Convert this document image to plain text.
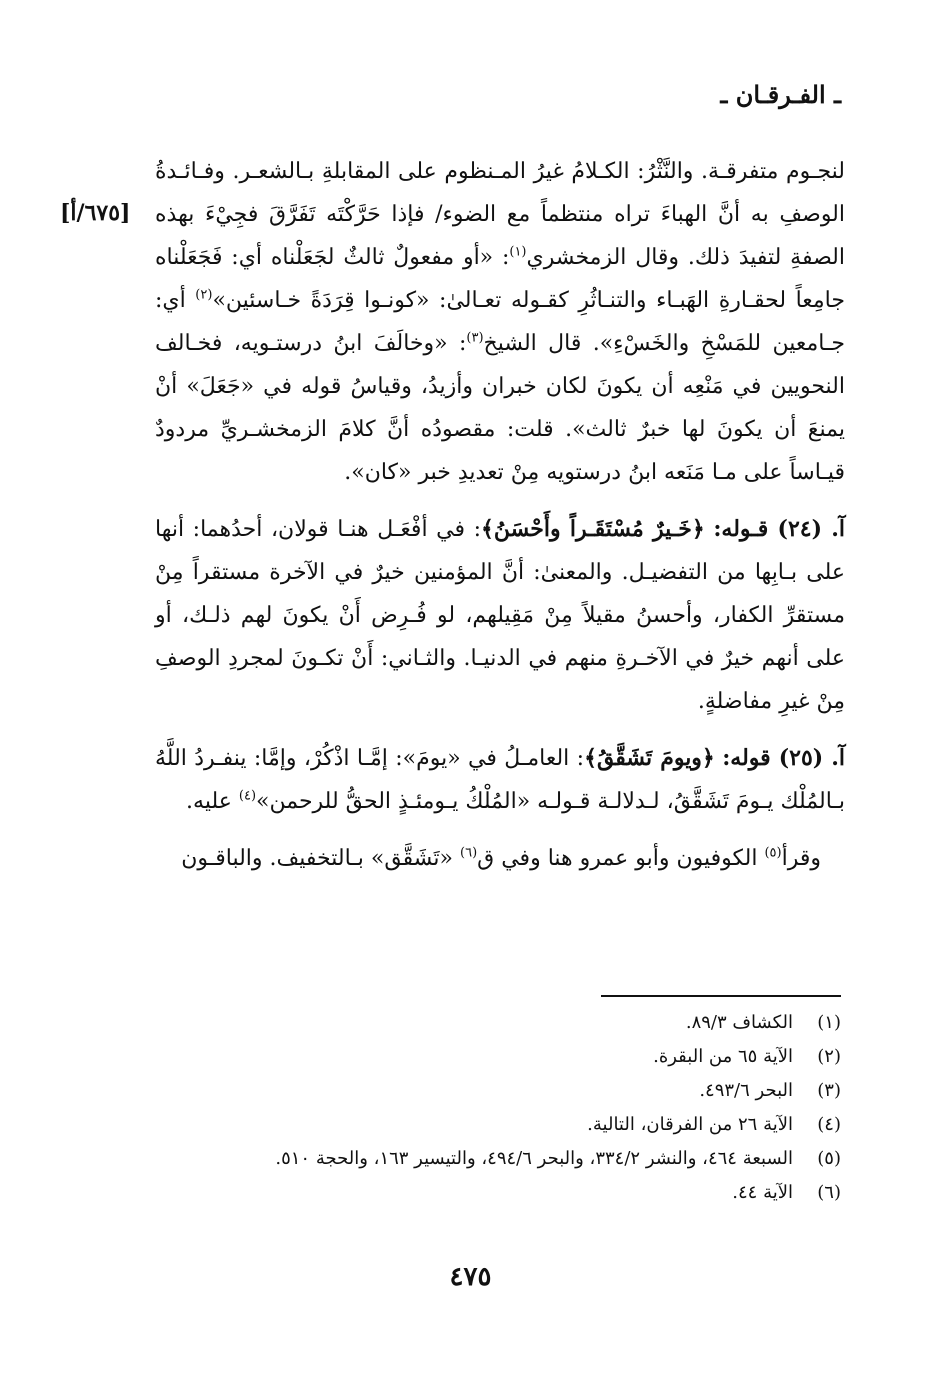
ـ الفـرقـان ـ
[٦٧٥/أ]

لنجـوم متفرقـة. والنَّثْرُ: الكـلامُ غيرُ المـنظوم على المقابلةِ بـالشعـر. وفـائـدةُ الوصفِ به أنَّ الهباءَ تراه منتظماً مع الضوء/ فإذا حَرَّكْتَه تَفَرَّقَ فجِيْءَ بهذه الصفةِ لتفيدَ ذلك. وقال الزمخشري$^{(١)}$: «أو مفعولٌ ثالثٌ لجَعَلْناه أي: فَجَعَلْناه جامِعاً لحقـارةِ الهَبـاء والتنـاثُرِ كقـوله تعـالىٰ: «كونـوا قِرَدَةً خـاسئين»$^{(٢)}$ أي: جـامعين للمَسْخِ والخَسْءِ». قال الشيخ$^{(٣)}$: «وخالَفَ ابنُ درستـويه، فخـالف النحويين في مَنْعِه أن يكونَ لكان خبران وأزيدُ، وقياسُ قوله في «جَعَلَ» أنْ يمنعَ أن يكونَ لها خبرٌ ثالث». قلت: مقصودُه أنَّ كلامَ الزمخشـريِّ مردودٌ قيـاساً على مـا مَنَعه ابنُ درستويه مِنْ تعديدِ خبر «كان».

آ. (٢٤) قـوله: ﴿خَـيرٌ مُسْتَقَـراً وأَحْسَنُ﴾: في أفْعَـل هنـا قولان، أحدُهما: أنها على بـابِها من التفضيـل. والمعنىٰ: أنَّ المؤمنين خيرٌ في الآخرة مستقراً مِنْ مستقرِّ الكفار، وأحسنُ مقيلاً مِنْ مَقِيلهم، لو فُـرِض أَنْ يكونَ لهم ذلـك، أو على أنهم خيرٌ في الآخـرةِ منهم في الدنيـا. والثـاني: أَنْ تكـونَ لمجردِ الوصفِ مِنْ غيرِ مفاضلةٍ.

آ. (٢٥) قوله: ﴿ويومَ تَشَقَّقُ﴾: العامـلُ في «يومَ»: إمَّـا اذْكُرْ، وإمَّا: ينفـردُ اللَّهُ بـالمُلْك يـومَ تَشَقَّقُ، لـدلالـة قـولـه «المُلْكُ يـومئـذٍ الحقُّ للرحمن»$^{(٤)}$ عليه.

وقرأ$^{(٥)}$ الكوفيون وأبو عمرو هنا وفي ق$^{(٦)}$ «تَشَقَّق» بـالتخفيف. والباقـون

(١)
الكشاف ٨٩/٣.
(٢)
الآية ٦٥ من البقرة.
(٣)
البحر ٤٩٣/٦.
(٤)
الآية ٢٦ من الفرقان، التالية.
(٥)
السبعة ٤٦٤، والنشر ٣٣٤/٢، والبحر ٤٩٤/٦، والتيسير ١٦٣، والحجة ٥١٠.
(٦)
الآية ٤٤.
٤٧٥
